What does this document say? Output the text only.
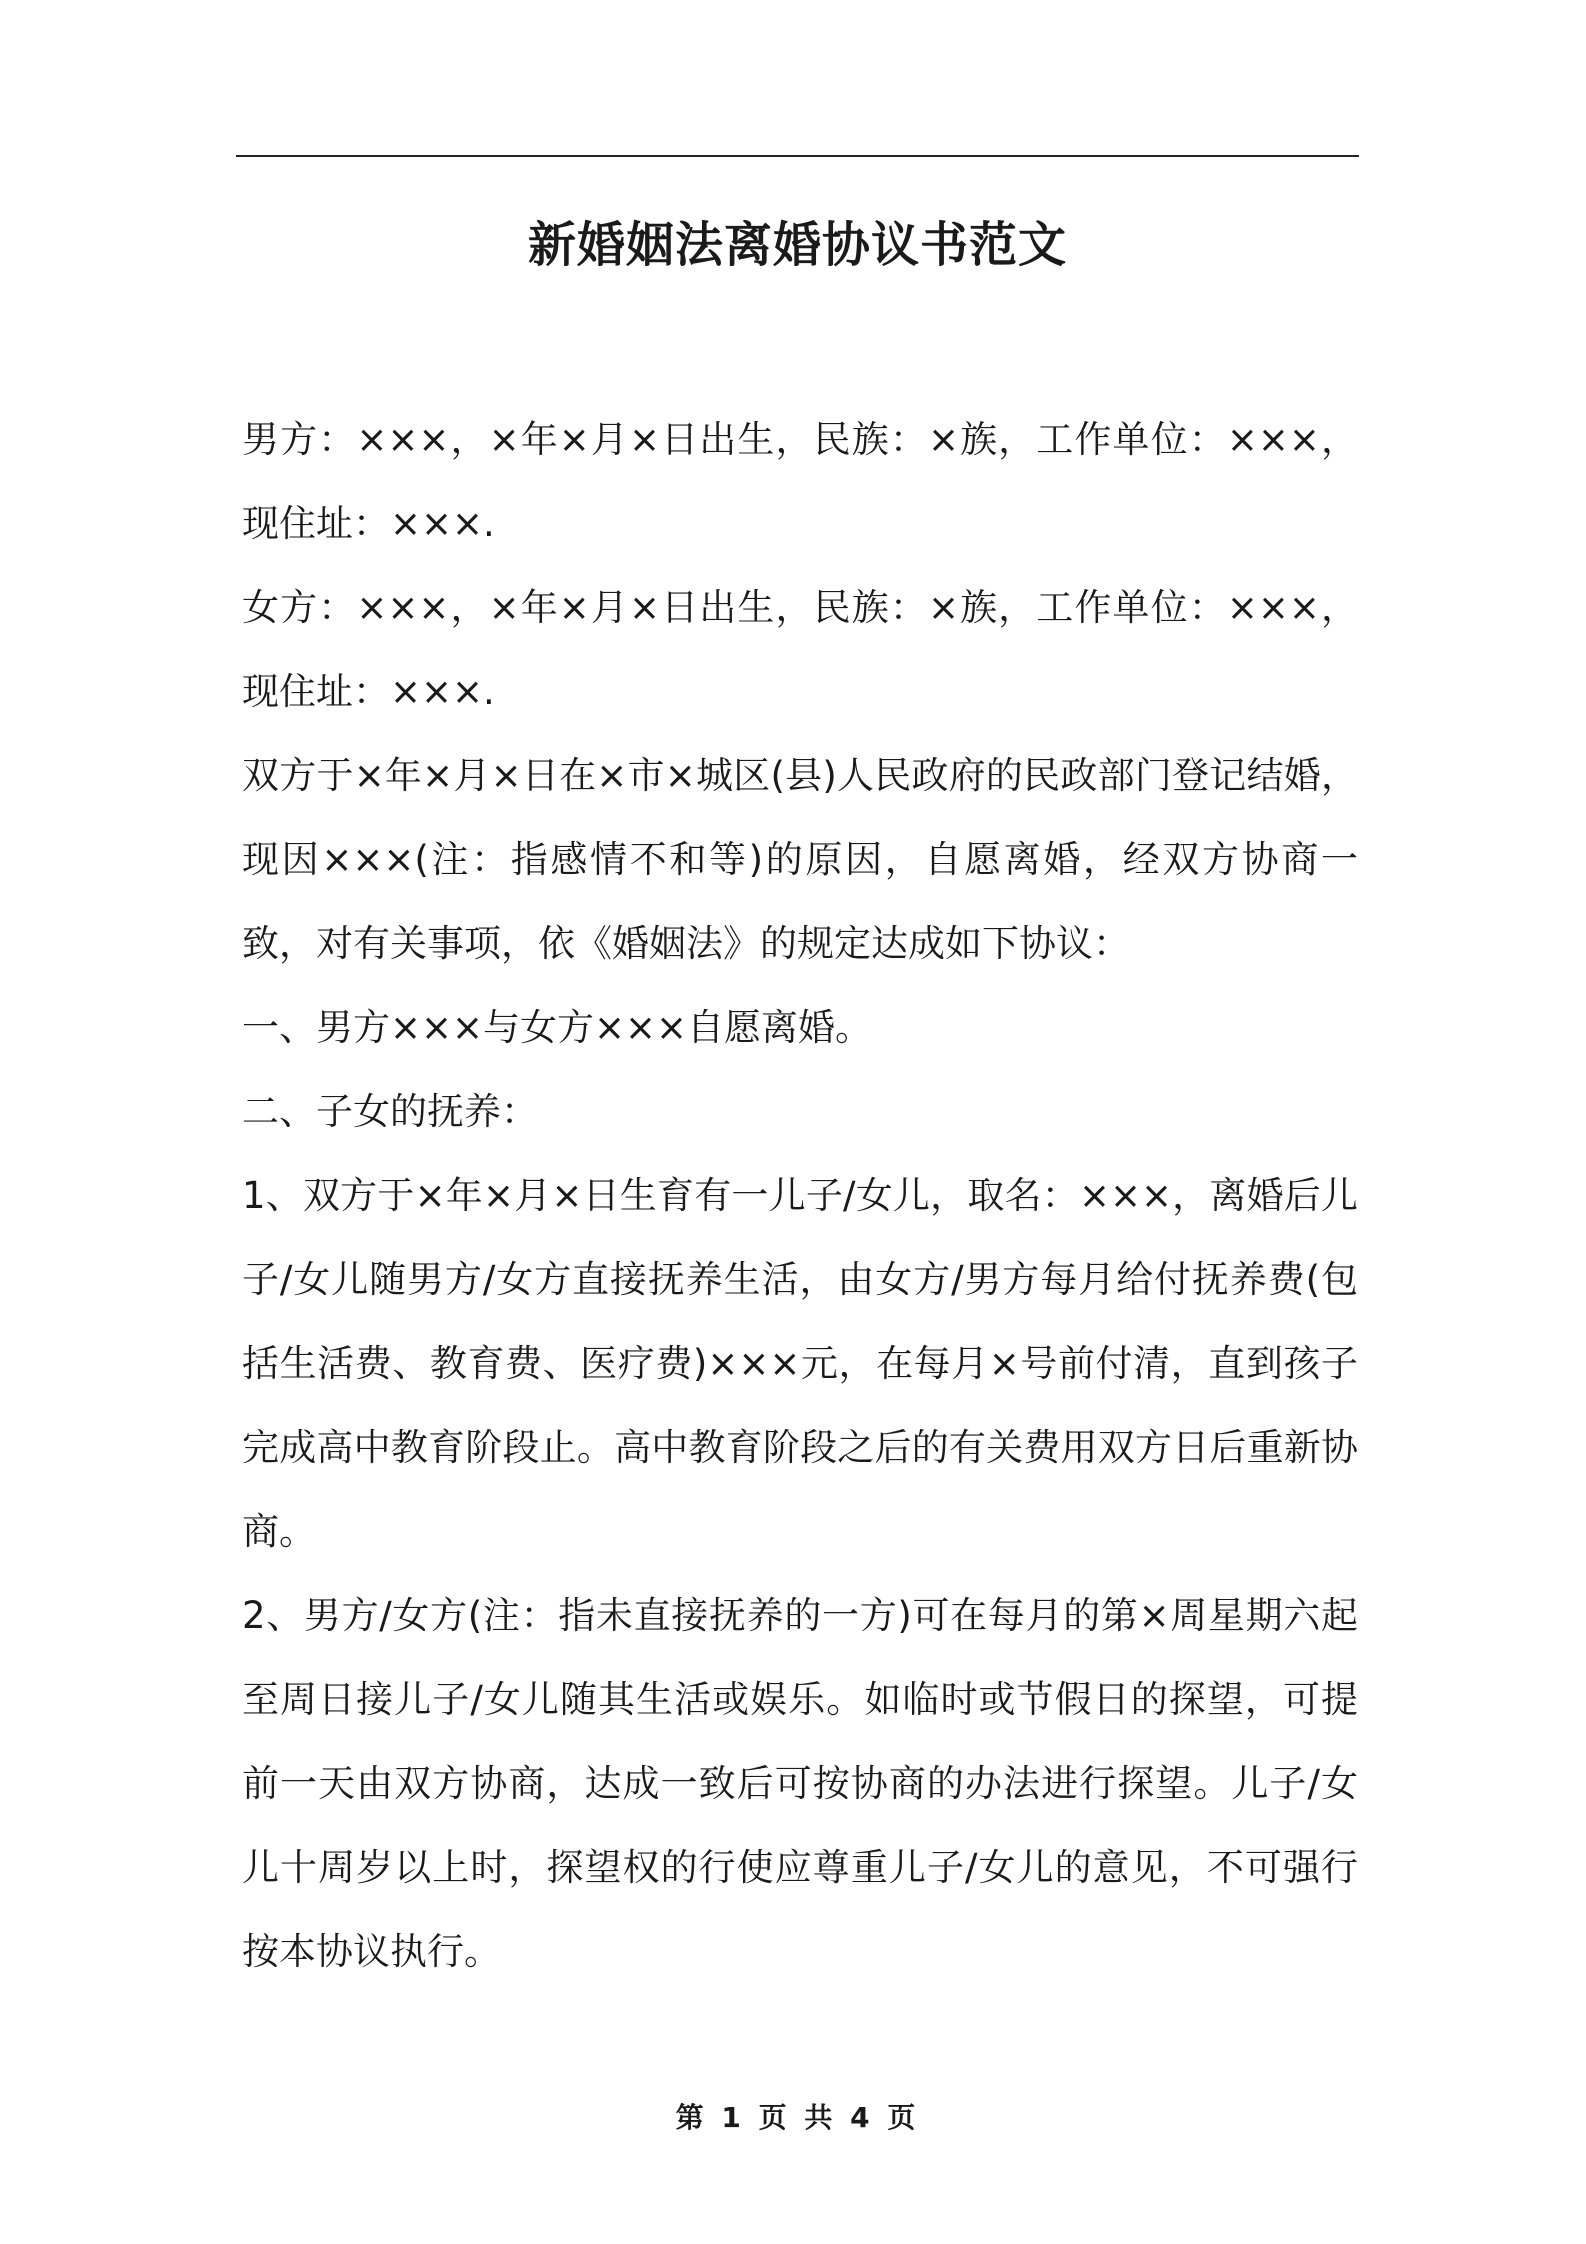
新婚姻法离婚协议书范文

男方：×××，×年×月×日出生，民族：×族，工作单位：×××，现住址：×××.

女方：×××，×年×月×日出生，民族：×族，工作单位：×××，现住址：×××.

双方于×年×月×日在×市×城区(县)人民政府的民政部门登记结婚，现因×××(注：指感情不和等)的原因，自愿离婚，经双方协商一致，对有关事项，依《婚姻法》的规定达成如下协议：

一、男方×××与女方×××自愿离婚。

二、子女的抚养：

1、双方于×年×月×日生育有一儿子/女儿，取名：×××，离婚后儿子/女儿随男方/女方直接抚养生活，由女方/男方每月给付抚养费(包括生活费、教育费、医疗费)×××元，在每月×号前付清，直到孩子完成高中教育阶段止。高中教育阶段之后的有关费用双方日后重新协商。

2、男方/女方(注：指未直接抚养的一方)可在每月的第×周星期六起至周日接儿子/女儿随其生活或娱乐。如临时或节假日的探望，可提前一天由双方协商，达成一致后可按协商的办法进行探望。儿子/女儿十周岁以上时，探望权的行使应尊重儿子/女儿的意见，不可强行按本协议执行。

第 1 页 共 4 页
